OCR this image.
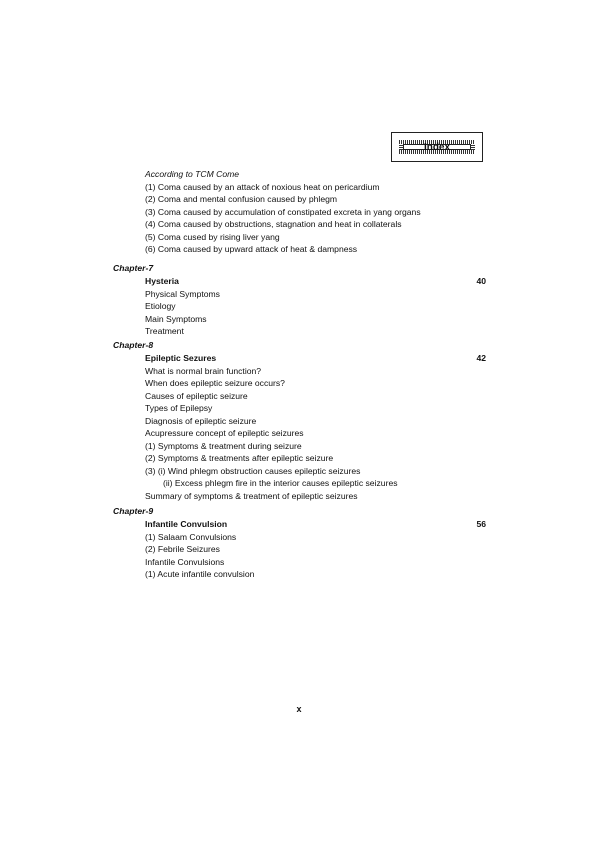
Index
According to TCM Come
(1) Coma caused by an attack of noxious heat on pericardium
(2) Coma and mental confusion caused by phlegm
(3) Coma caused by accumulation of constipated excreta in yang organs
(4) Coma caused by obstructions, stagnation and heat in collaterals
(5) Coma cused by rising liver yang
(6) Coma caused by upward attack of heat & dampness
Chapter-7
Hysteria	40
Physical Symptoms
Etiology
Main Symptoms
Treatment
Chapter-8
Epileptic Sezures	42
What is normal brain function?
When does epileptic seizure occurs?
Causes of epileptic seizure
Types of Epilepsy
Diagnosis of epileptic seizure
Acupressure concept of epileptic seizures
(1) Symptoms & treatment during seizure
(2) Symptoms & treatments after epileptic seizure
(3) (i) Wind phlegm obstruction causes epileptic seizures
(ii) Excess phlegm fire in the interior causes epileptic seizures
Summary of symptoms & treatment of epileptic seizures
Chapter-9
Infantile Convulsion	56
(1) Salaam Convulsions
(2) Febrile Seizures
Infantile Convulsions
(1) Acute infantile convulsion
x
